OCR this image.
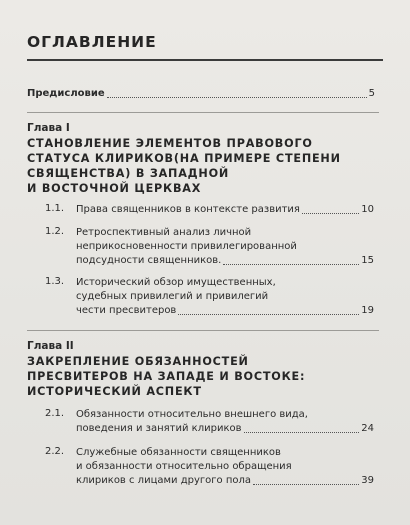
ОГЛАВЛЕНИЕ
Предисловие	5
Глава I
СТАНОВЛЕНИЕ ЭЛЕМЕНТОВ ПРАВОВОГО
СТАТУСА КЛИРИКОВ(НА ПРИМЕРЕ СТЕПЕНИ
СВЯЩЕНСТВА) В ЗАПАДНОЙ
И ВОСТОЧНОЙ ЦЕРКВАХ
1.1. Права священников в контексте развития	10
1.2. Ретроспективный анализ личной
неприкосновенности привилегированной
подсудности священников.	15
1.3. Исторический обзор имущественных,
судебных привилегий и привилегий
чести пресвитеров	19
Глава II
ЗАКРЕПЛЕНИЕ ОБЯЗАННОСТЕЙ
ПРЕСВИТЕРОВ НА ЗАПАДЕ И ВОСТОКЕ:
ИСТОРИЧЕСКИЙ АСПЕКТ
2.1. Обязанности относительно внешнего вида,
поведения и занятий клириков	24
2.2. Служебные обязанности священников
и обязанности относительно обращения
клириков с лицами другого пола	39
